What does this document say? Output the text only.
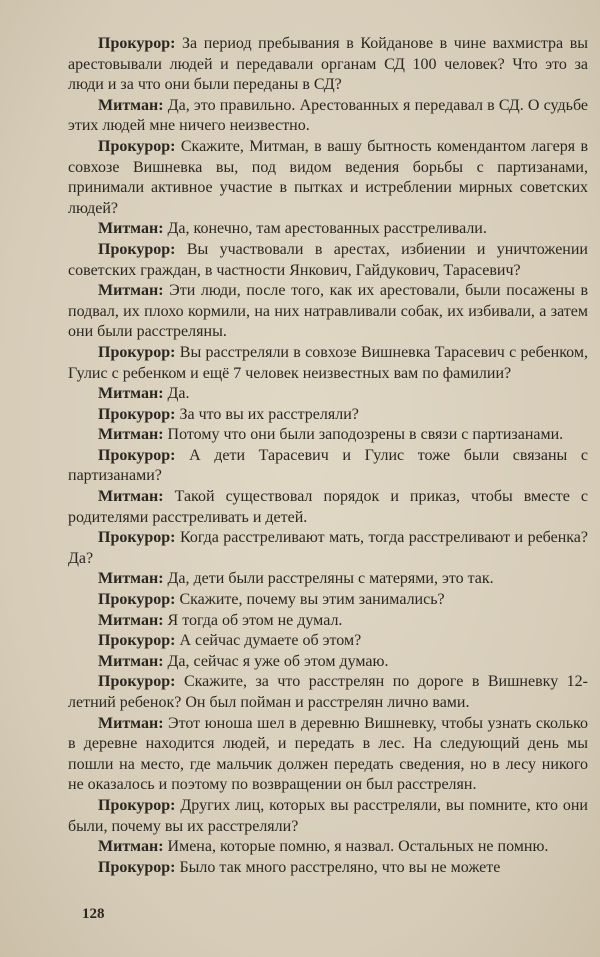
Прокурор: За период пребывания в Койданове в чине вахмистра вы арестовывали людей и передавали органам СД 100 человек? Что это за люди и за что они были переданы в СД?

Митман: Да, это правильно. Арестованных я передавал в СД. О судьбе этих людей мне ничего неизвестно.

Прокурор: Скажите, Митман, в вашу бытность комендантом лагеря в совхозе Вишневка вы, под видом ведения борьбы с партизанами, принимали активное участие в пытках и истреблении мирных советских людей?

Митман: Да, конечно, там арестованных расстреливали.

Прокурор: Вы участвовали в арестах, избиении и уничтожении советских граждан, в частности Янкович, Гайдукович, Тарасевич?

Митман: Эти люди, после того, как их арестовали, были посажены в подвал, их плохо кормили, на них натравливали собак, их избивали, а затем они были расстреляны.

Прокурор: Вы расстреляли в совхозе Вишневка Тарасевич с ребенком, Гулис с ребенком и ещё 7 человек неизвестных вам по фамилии?

Митман: Да.

Прокурор: За что вы их расстреляли?

Митман: Потому что они были заподозрены в связи с партизанами.

Прокурор: А дети Тарасевич и Гулис тоже были связаны с партизанами?

Митман: Такой существовал порядок и приказ, чтобы вместе с родителями расстреливать и детей.

Прокурор: Когда расстреливают мать, тогда расстреливают и ребенка? Да?

Митман: Да, дети были расстреляны с матерями, это так.

Прокурор: Скажите, почему вы этим занимались?

Митман: Я тогда об этом не думал.

Прокурор: А сейчас думаете об этом?

Митман: Да, сейчас я уже об этом думаю.

Прокурор: Скажите, за что расстрелян по дороге в Вишневку 12-летний ребенок? Он был пойман и расстрелян лично вами.

Митман: Этот юноша шел в деревню Вишневку, чтобы узнать сколько в деревне находится людей, и передать в лес. На следующий день мы пошли на место, где мальчик должен передать сведения, но в лесу никого не оказалось и поэтому по возвращении он был расстрелян.

Прокурор: Других лиц, которых вы расстреляли, вы помните, кто они были, почему вы их расстреляли?

Митман: Имена, которые помню, я назвал. Остальных не помню.

Прокурор: Было так много расстреляно, что вы не можете

128
